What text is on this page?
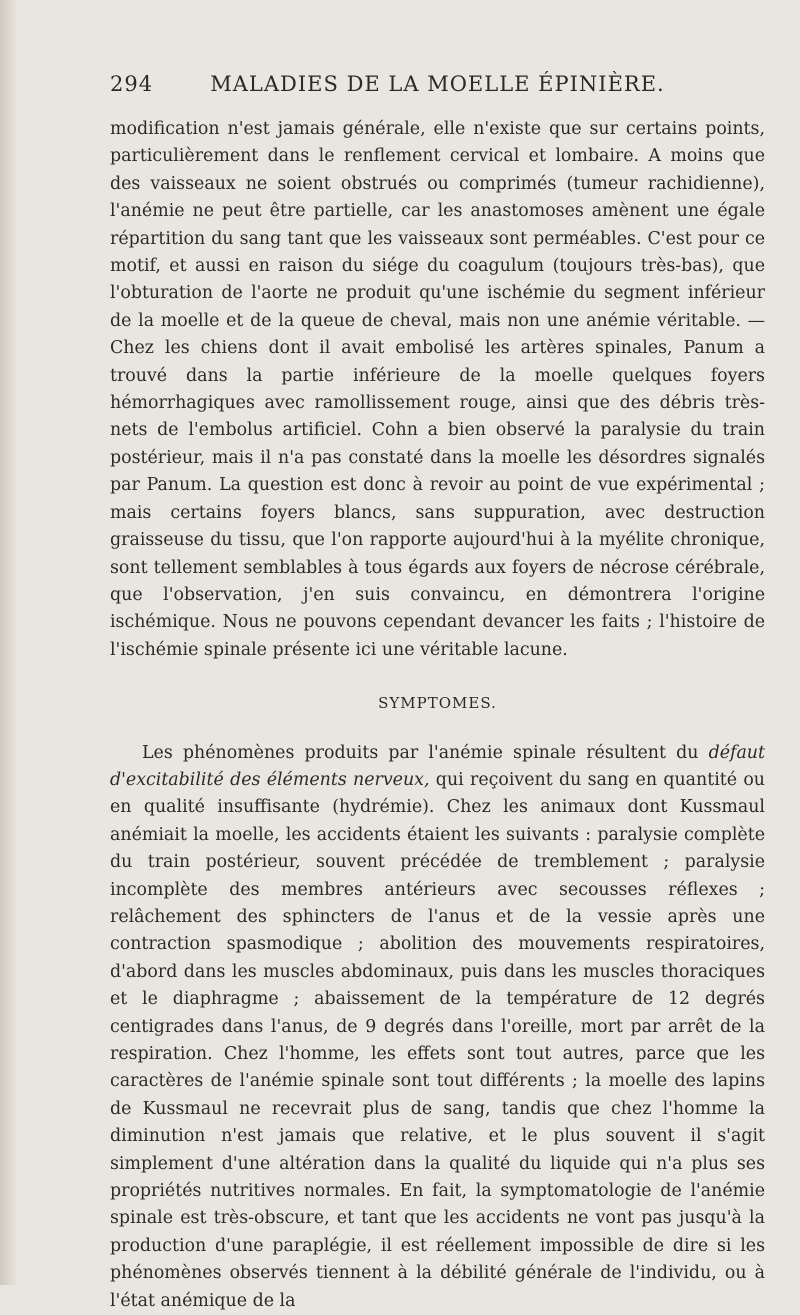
294	MALADIES DE LA MOELLE ÉPINIÈRE.

modification n'est jamais générale, elle n'existe que sur certains points, particulièrement dans le renflement cervical et lombaire. A moins que des vaisseaux ne soient obstrués ou comprimés (tumeur rachidienne), l'anémie ne peut être partielle, car les anastomoses amènent une égale répartition du sang tant que les vaisseaux sont perméables. C'est pour ce motif, et aussi en raison du siége du coagulum (toujours très-bas), que l'obturation de l'aorte ne produit qu'une ischémie du segment inférieur de la moelle et de la queue de cheval, mais non une anémie véritable. — Chez les chiens dont il avait embolisé les artères spinales, Panum a trouvé dans la partie inférieure de la moelle quelques foyers hémorrhagiques avec ramollissement rouge, ainsi que des débris très-nets de l'embolus artificiel. Cohn a bien observé la paralysie du train postérieur, mais il n'a pas constaté dans la moelle les désordres signalés par Panum. La question est donc à revoir au point de vue expérimental ; mais certains foyers blancs, sans suppuration, avec destruction graisseuse du tissu, que l'on rapporte aujourd'hui à la myélite chronique, sont tellement semblables à tous égards aux foyers de nécrose cérébrale, que l'observation, j'en suis convaincu, en démontrera l'origine ischémique. Nous ne pouvons cependant devancer les faits ; l'histoire de l'ischémie spinale présente ici une véritable lacune.

SYMPTOMES.

Les phénomènes produits par l'anémie spinale résultent du défaut d'excitabilité des éléments nerveux, qui reçoivent du sang en quantité ou en qualité insuffisante (hydrémie). Chez les animaux dont Kussmaul anémiait la moelle, les accidents étaient les suivants : paralysie complète du train postérieur, souvent précédée de tremblement ; paralysie incomplète des membres antérieurs avec secousses réflexes ; relâchement des sphincters de l'anus et de la vessie après une contraction spasmodique ; abolition des mouvements respiratoires, d'abord dans les muscles abdominaux, puis dans les muscles thoraciques et le diaphragme ; abaissement de la température de 12 degrés centigrades dans l'anus, de 9 degrés dans l'oreille, mort par arrêt de la respiration. Chez l'homme, les effets sont tout autres, parce que les caractères de l'anémie spinale sont tout différents ; la moelle des lapins de Kussmaul ne recevrait plus de sang, tandis que chez l'homme la diminution n'est jamais que relative, et le plus souvent il s'agit simplement d'une altération dans la qualité du liquide qui n'a plus ses propriétés nutritives normales. En fait, la symptomatologie de l'anémie spinale est très-obscure, et tant que les accidents ne vont pas jusqu'à la production d'une paraplégie, il est réellement impossible de dire si les phénomènes observés tiennent à la débilité générale de l'individu, ou à l'état anémique de la
